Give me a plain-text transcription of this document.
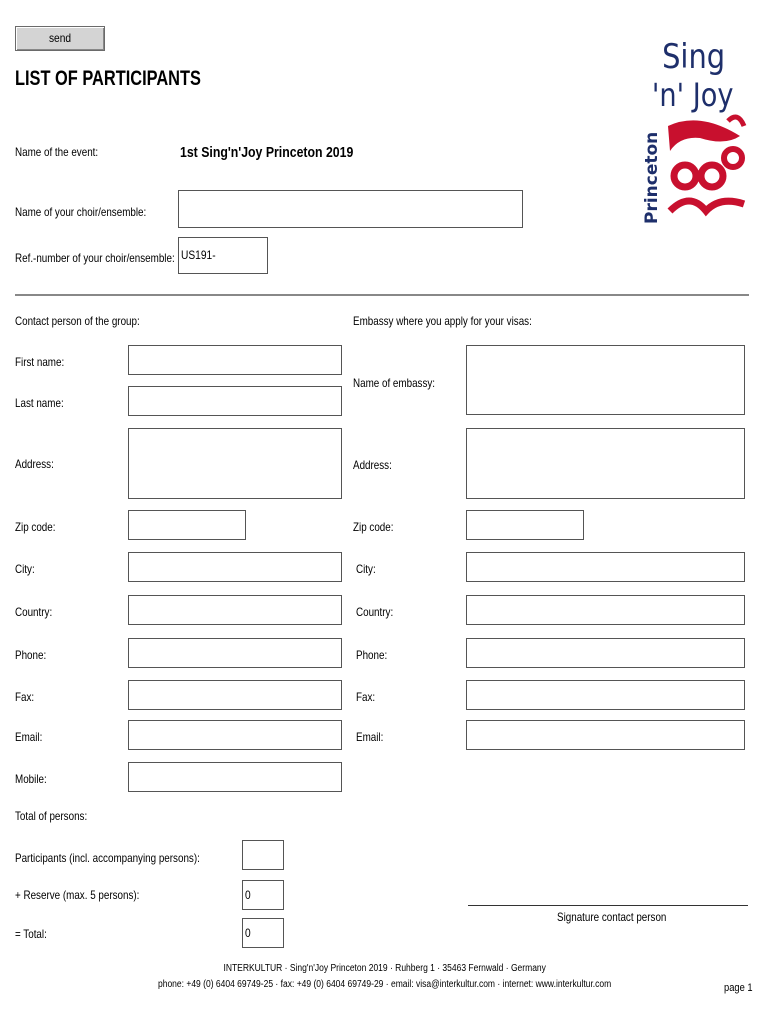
send
LIST OF PARTICIPANTS
Sing
'n' Joy
Princeton
Name of the event:	1st Sing'n'Joy Princeton 2019
Name of your choir/ensemble:
Ref.-number of your choir/ensemble: US191-
Contact person of the group:
First name:
Last name:
Address:
Zip code:
City:
Country:
Phone:
Fax:
Email:
Mobile:
Embassy where you apply for your visas:
Name of embassy:
Address:
Zip code:
City:
Country:
Phone:
Fax:
Email:
Total of persons:
Participants (incl. accompanying persons):
+ Reserve (max. 5 persons):	0
= Total:	0
Signature contact person
INTERKULTUR · Sing'n'Joy Princeton 2019 · Ruhberg 1 · 35463 Fernwald · Germany
phone: +49 (0) 6404 69749-25 · fax: +49 (0) 6404 69749-29 · email: visa@interkultur.com · internet: www.interkultur.com	page 1
